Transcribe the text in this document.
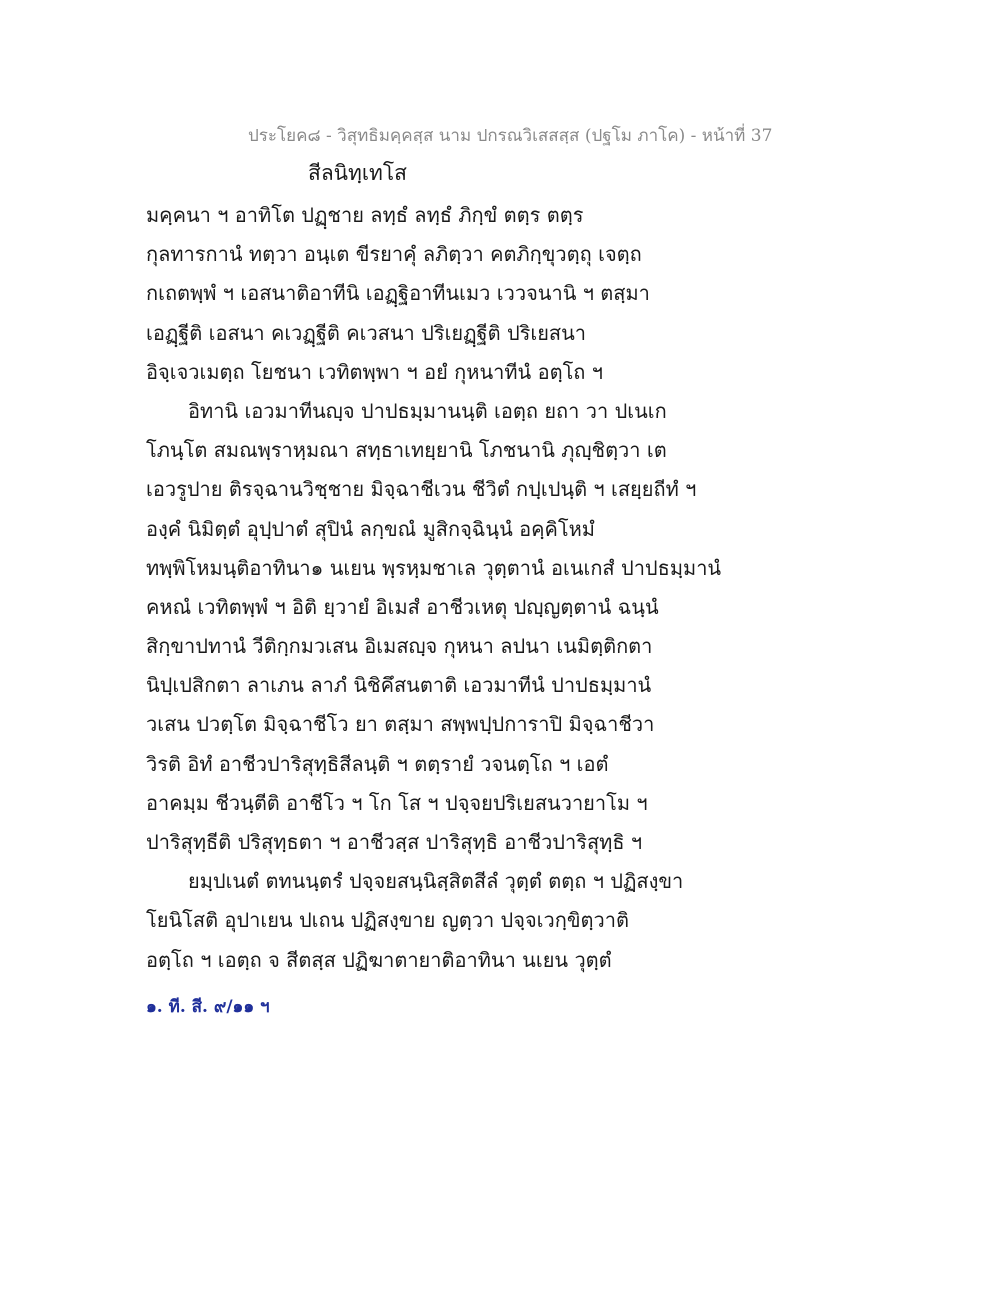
ประโยค๘ - วิสุทธิมคฺคสฺส นาม ปกรณวิเสสสฺส (ปฐโม ภาโค) - หน้าที่ 37
สีลนิทฺเทโส
มคฺคนา ฯ อาทิโต ปฏฺชาย ลทฺธํ ลทฺธํ ภิกฺขํ ตตฺร ตตฺร
กุลทารกานํ ทตฺวา อนฺเต ขีรยาคุํ ลภิตฺวา คตภิกฺขุวตฺถุ เจตฺถ
กเถตพฺพํ ฯ เอสนาติอาทีนิ เอฏฺฐิอาทีนเมว เววจนานิ ฯ ตสฺมา
เอฏฺฐีติ เอสนา คเวฏฺฐีติ คเวสนา ปริเยฏฺฐีติ ปริเยสนา
อิจฺเจวเมตฺถ โยชนา เวทิตพฺพา ฯ อยํ กุหนาทีนํ อตฺโถ ฯ
อิทานิ เอวมาทีนญฺจ ปาปธมฺมานนฺติ เอตฺถ ยถา วา ปเนเก
โภนฺโต สมณพฺราหฺมณา สทฺธาเทยฺยานิ โภชนานิ ภุญฺชิตฺวา เต
เอวรูปาย ติรจฺฉานวิชฺชาย มิจฺฉาชีเวน ชีวิตํ กปฺเปนฺติ ฯ เสยฺยถีทํ ฯ
องฺคํ นิมิตฺตํ อุปฺปาตํ สุปินํ ลกฺขณํ มูสิกจฺฉินฺนํ อคฺคิโหมํ
ทพฺพิโหมนฺติอาทินา๑ นเยน พฺรหฺมชาเล วุตฺตานํ อเนเกสํ ปาปธมฺมานํ
คหณํ เวทิตพฺพํ ฯ อิติ ยฺวายํ อิเมสํ อาชีวเหตุ ปญฺญตฺตานํ ฉนฺนํ
สิกฺขาปทานํ วีติกฺกมวเสน อิเมสญฺจ กุหนา ลปนา เนมิตฺติกตา
นิปฺเปสิกตา ลาเภน ลาภํ นิชิคึสนตาติ เอวมาทีนํ ปาปธมฺมานํ
วเสน ปวตฺโต มิจฺฉาชีโว ยา ตสฺมา สพฺพปฺปการาปิ มิจฺฉาชีวา
วิรติ อิทํ อาชีวปาริสุทฺธิสีลนฺติ ฯ ตตฺรายํ วจนตฺโถ ฯ เอตํ
อาคมฺม ชีวนฺตีติ อาชีโว ฯ โก โส ฯ ปจฺจยปริเยสนวายาโม ฯ
ปาริสุทฺธีติ ปริสุทฺธตา ฯ อาชีวสฺส ปาริสุทฺธิ อาชีวปาริสุทฺธิ ฯ
ยมฺปเนตํ ตทนนฺตรํ ปจฺจยสนฺนิสฺสิตสีลํ วุตฺตํ ตตฺถ ฯ ปฏิสงฺขา
โยนิโสติ อุปาเยน ปเถน ปฏิสงฺขาย ญตฺวา ปจฺจเวกฺขิตฺวาติ
อตฺโถ ฯ เอตฺถ จ สีตสฺส ปฏิฆาตายาติอาทินา นเยน วุตฺตํ
๑. ที. สี. ๙/๑๑ ฯ
